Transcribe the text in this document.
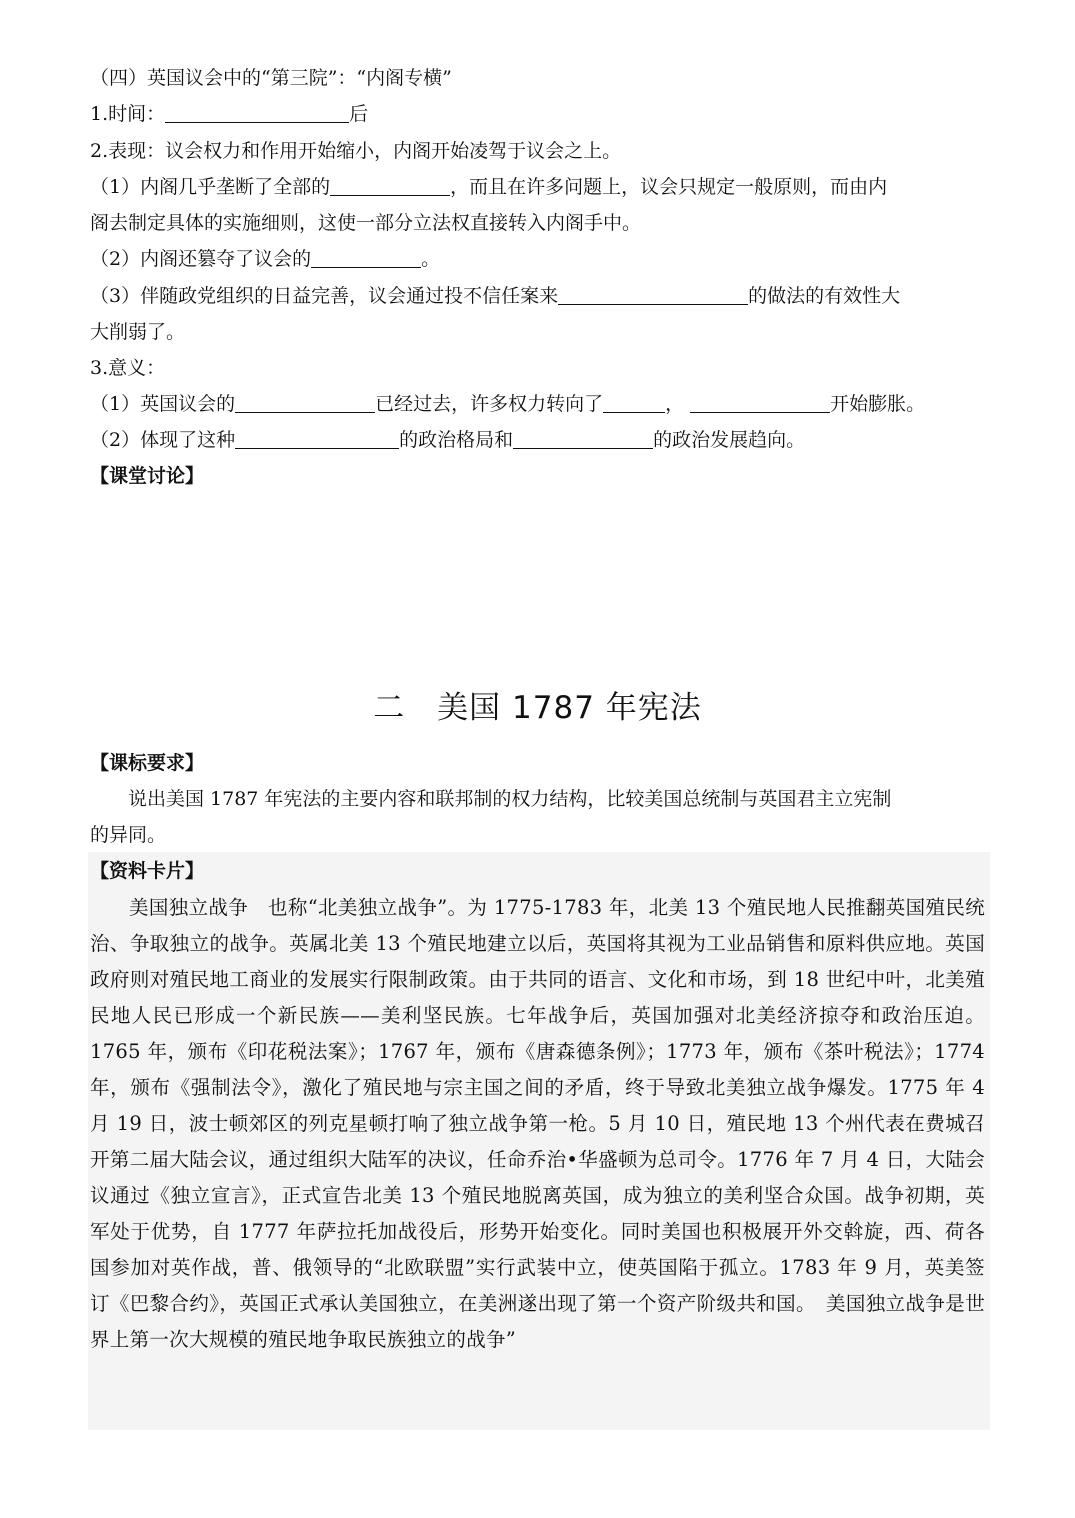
（四）英国议会中的“第三院”：“内阁专横”
1.时间：	后
2.表现：议会权力和作用开始缩小，内阁开始凌驾于议会之上。
（1）内阁几乎垄断了全部的	，而且在许多问题上，议会只规定一般原则，而由内
阁去制定具体的实施细则，这使一部分立法权直接转入内阁手中。
（2）内阁还篡夺了议会的	。
（3）伴随政党组织的日益完善，议会通过投不信任案来	的做法的有效性大
大削弱了。
3.意义：
（1）英国议会的	已经过去，许多权力转向了	，	开始膨胀。
（2）体现了这种	的政治格局和	的政治发展趋向。
【课堂讨论】
二　美国 1787 年宪法
【课标要求】
说出美国 1787 年宪法的主要内容和联邦制的权力结构，比较美国总统制与英国君主立宪制
的异同。
【资料卡片】

美国独立战争　也称“北美独立战争”。为 1775-1783 年，北美 13 个殖民地人民推翻英国殖民统治、争取独立的战争。英属北美 13 个殖民地建立以后，英国将其视为工业品销售和原料供应地。英国政府则对殖民地工商业的发展实行限制政策。由于共同的语言、文化和市场，到 18 世纪中叶，北美殖民地人民已形成一个新民族——美利坚民族。七年战争后，英国加强对北美经济掠夺和政治压迫。1765 年，颁布《印花税法案》；1767 年，颁布《唐森德条例》；1773 年，颁布《茶叶税法》；1774 年，颁布《强制法令》，激化了殖民地与宗主国之间的矛盾，终于导致北美独立战争爆发。1775 年 4 月 19 日，波士顿郊区的列克星顿打响了独立战争第一枪。5 月 10 日，殖民地 13 个州代表在费城召开第二届大陆会议，通过组织大陆军的决议，任命乔治•华盛顿为总司令。1776 年 7 月 4 日，大陆会议通过《独立宣言》，正式宣告北美 13 个殖民地脱离英国，成为独立的美利坚合众国。战争初期，英军处于优势，自 1777 年萨拉托加战役后，形势开始变化。同时美国也积极展开外交斡旋，西、荷各国参加对英作战，普、俄领导的“北欧联盟”实行武装中立，使英国陷于孤立。1783 年 9 月，英美签订《巴黎合约》，英国正式承认美国独立，在美洲遂出现了第一个资产阶级共和国。　美国独立战争是世界上第一次大规模的殖民地争取民族独立的战争”
